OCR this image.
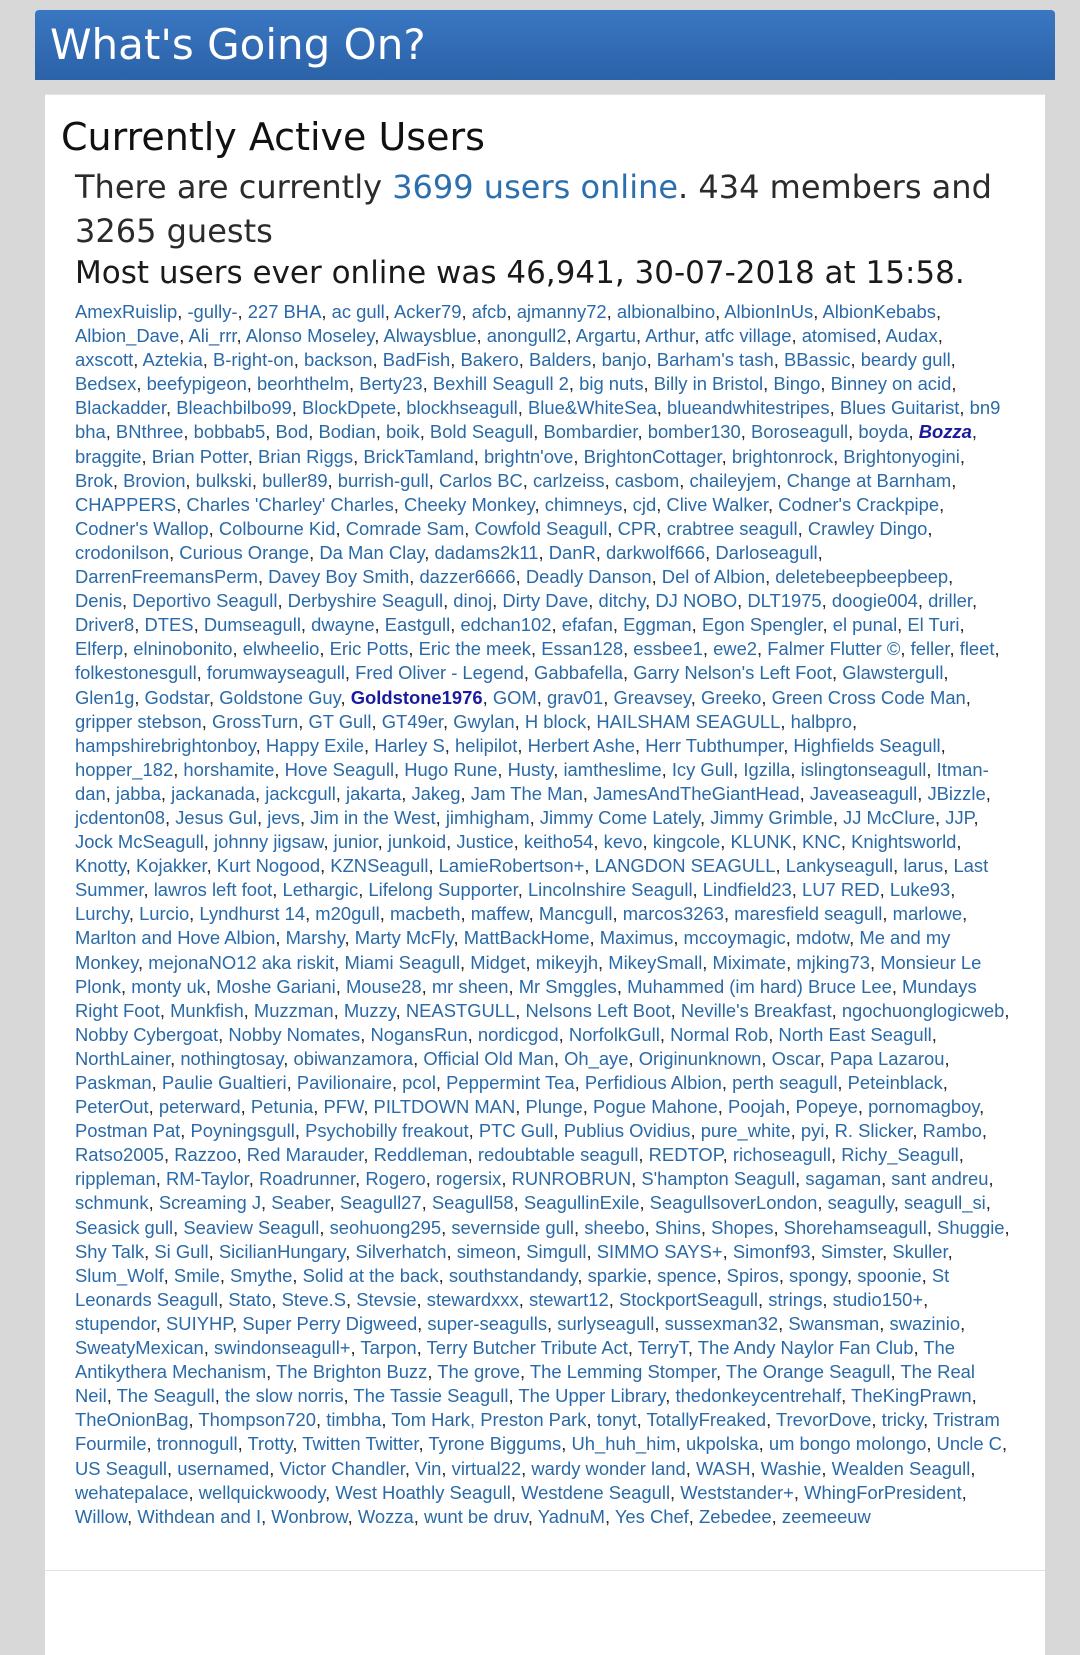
What's Going On?
Currently Active Users
There are currently 3699 users online. 434 members and 3265 guests
Most users ever online was 46,941, 30-07-2018 at 15:58.
AmexRuislip, -gully-, 227 BHA, ac gull, Acker79, afcb, ajmanny72, albionalbino, AlbionInUs, AlbionKebabs, Albion_Dave, Ali_rrr, Alonso Moseley, Alwaysblue, anongull2, Argartu, Arthur, atfc village, atomised, Audax, axscott, Aztekia, B-right-on, backson, BadFish, Bakero, Balders, banjo, Barham's tash, BBassic, beardy gull, Bedsex, beefypigeon, beorhthelm, Berty23, Bexhill Seagull 2, big nuts, Billy in Bristol, Bingo, Binney on acid, Blackadder, Bleachbilbo99, BlockDpete, blockhseagull, Blue&WhiteSea, blueandwhitestripes, Blues Guitarist, bn9 bha, BNthree, bobbab5, Bod, Bodian, boik, Bold Seagull, Bombardier, bomber130, Boroseagull, boyda, Bozza, braggite, Brian Potter, Brian Riggs, BrickTamland, brightn'ove, BrightonCottager, brightonrock, Brightonyogini, Brok, Brovion, bulkski, buller89, burrish-gull, Carlos BC, carlzeiss, casbom, chaileyjem, Change at Barnham, CHAPPERS, Charles 'Charley' Charles, Cheeky Monkey, chimneys, cjd, Clive Walker, Codner's Crackpipe, Codner's Wallop, Colbourne Kid, Comrade Sam, Cowfold Seagull, CPR, crabtree seagull, Crawley Dingo, crodonilson, Curious Orange, Da Man Clay, dadams2k11, DanR, darkwolf666, Darloseagull, DarrenFreemansPerm, Davey Boy Smith, dazzer6666, Deadly Danson, Del of Albion, deletebeepbeepbeep, Denis, Deportivo Seagull, Derbyshire Seagull, dinoj, Dirty Dave, ditchy, DJ NOBO, DLT1975, doogie004, driller, Driver8, DTES, Dumseagull, dwayne, Eastgull, edchan102, efafan, Eggman, Egon Spengler, el punal, El Turi, Elferp, elninobonito, elwheelio, Eric Potts, Eric the meek, Essan128, essbee1, ewe2, Falmer Flutter ©, feller, fleet, folkestonesgull, forumwayseagull, Fred Oliver - Legend, Gabbafella, Garry Nelson's Left Foot, Glawstergull, Glen1g, Godstar, Goldstone Guy, Goldstone1976, GOM, grav01, Greavsey, Greeko, Green Cross Code Man, gripper stebson, GrossTurn, GT Gull, GT49er, Gwylan, H block, HAILSHAM SEAGULL, halbpro, hampshirebrightonboy, Happy Exile, Harley S, helipilot, Herbert Ashe, Herr Tubthumper, Highfields Seagull, hopper_182, horshamite, Hove Seagull, Hugo Rune, Husty, iamtheslime, Icy Gull, Igzilla, islingtonseagull, Itman-dan, jabba, jackanada, jackcgull, jakarta, Jakeg, Jam The Man, JamesAndTheGiantHead, Javeaseagull, JBizzle, jcdenton08, Jesus Gul, jevs, Jim in the West, jimhigham, Jimmy Come Lately, Jimmy Grimble, JJ McClure, JJP, Jock McSeagull, johnny jigsaw, junior, junkoid, Justice, keitho54, kevo, kingcole, KLUNK, KNC, Knightsworld, Knotty, Kojakker, Kurt Nogood, KZNSeagull, LamieRobertson+, LANGDON SEAGULL, Lankyseagull, larus, Last Summer, lawros left foot, Lethargic, Lifelong Supporter, Lincolnshire Seagull, Lindfield23, LU7 RED, Luke93, Lurchy, Lurcio, Lyndhurst 14, m20gull, macbeth, maffew, Mancgull, marcos3263, maresfield seagull, marlowe, Marlton and Hove Albion, Marshy, Marty McFly, MattBackHome, Maximus, mccoymagic, mdotw, Me and my Monkey, mejonaNO12 aka riskit, Miami Seagull, Midget, mikeyjh, MikeySmall, Miximate, mjking73, Monsieur Le Plonk, monty uk, Moshe Gariani, Mouse28, mr sheen, Mr Smggles, Muhammed (im hard) Bruce Lee, Mundays Right Foot, Munkfish, Muzzman, Muzzy, NEASTGULL, Nelsons Left Boot, Neville's Breakfast, ngochuonglogicweb, Nobby Cybergoat, Nobby Nomates, NogansRun, nordicgod, NorfolkGull, Normal Rob, North East Seagull, NorthLainer, nothingtosay, obiwanzamora, Official Old Man, Oh_aye, Originunknown, Oscar, Papa Lazarou, Paskman, Paulie Gualtieri, Pavilionaire, pcol, Peppermint Tea, Perfidious Albion, perth seagull, Peteinblack, PeterOut, peterward, Petunia, PFW, PILTDOWN MAN, Plunge, Pogue Mahone, Poojah, Popeye, pornomagboy, Postman Pat, Poyningsgull, Psychobilly freakout, PTC Gull, Publius Ovidius, pure_white, pyi, R. Slicker, Rambo, Ratso2005, Razzoo, Red Marauder, Reddleman, redoubtable seagull, REDTOP, richoseagull, Richy_Seagull, rippleman, RM-Taylor, Roadrunner, Rogero, rogersix, RUNROBRUN, S'hampton Seagull, sagaman, sant andreu, schmunk, Screaming J, Seaber, Seagull27, Seagull58, SeagullinExile, SeagullsoverLondon, seagully, seagull_si, Seasick gull, Seaview Seagull, seohuong295, severnside gull, sheebo, Shins, Shopes, Shorehamseagull, Shuggie, Shy Talk, Si Gull, SicilianHungary, Silverhatch, simeon, Simgull, SIMMO SAYS+, Simonf93, Simster, Skuller, Slum_Wolf, Smile, Smythe, Solid at the back, southstandandy, sparkie, spence, Spiros, spongy, spoonie, St Leonards Seagull, Stato, Steve.S, Stevsie, stewardxxx, stewart12, StockportSeagull, strings, studio150+, stupendor, SUIYHP, Super Perry Digweed, super-seagulls, surlyseagull, sussexman32, Swansman, swazinio, SweatyMexican, swindonseagull+, Tarpon, Terry Butcher Tribute Act, TerryT, The Andy Naylor Fan Club, The Antikythera Mechanism, The Brighton Buzz, The grove, The Lemming Stomper, The Orange Seagull, The Real Neil, The Seagull, the slow norris, The Tassie Seagull, The Upper Library, thedonkeycentrehalf, TheKingPrawn, TheOnionBag, Thompson720, timbha, Tom Hark, Preston Park, tonyt, TotallyFreaked, TrevorDove, tricky, Tristram Fourmile, tronnogull, Trotty, Twitten Twitter, Tyrone Biggums, Uh_huh_him, ukpolska, um bongo molongo, Uncle C, US Seagull, usernamed, Victor Chandler, Vin, virtual22, wardy wonder land, WASH, Washie, Wealden Seagull, wehatepalace, wellquickwoody, West Hoathly Seagull, Westdene Seagull, Weststander+, WhingForPresident, Willow, Withdean and I, Wonbrow, Wozza, wunt be druv, YadnuM, Yes Chef, Zebedee, zeemeeuw
